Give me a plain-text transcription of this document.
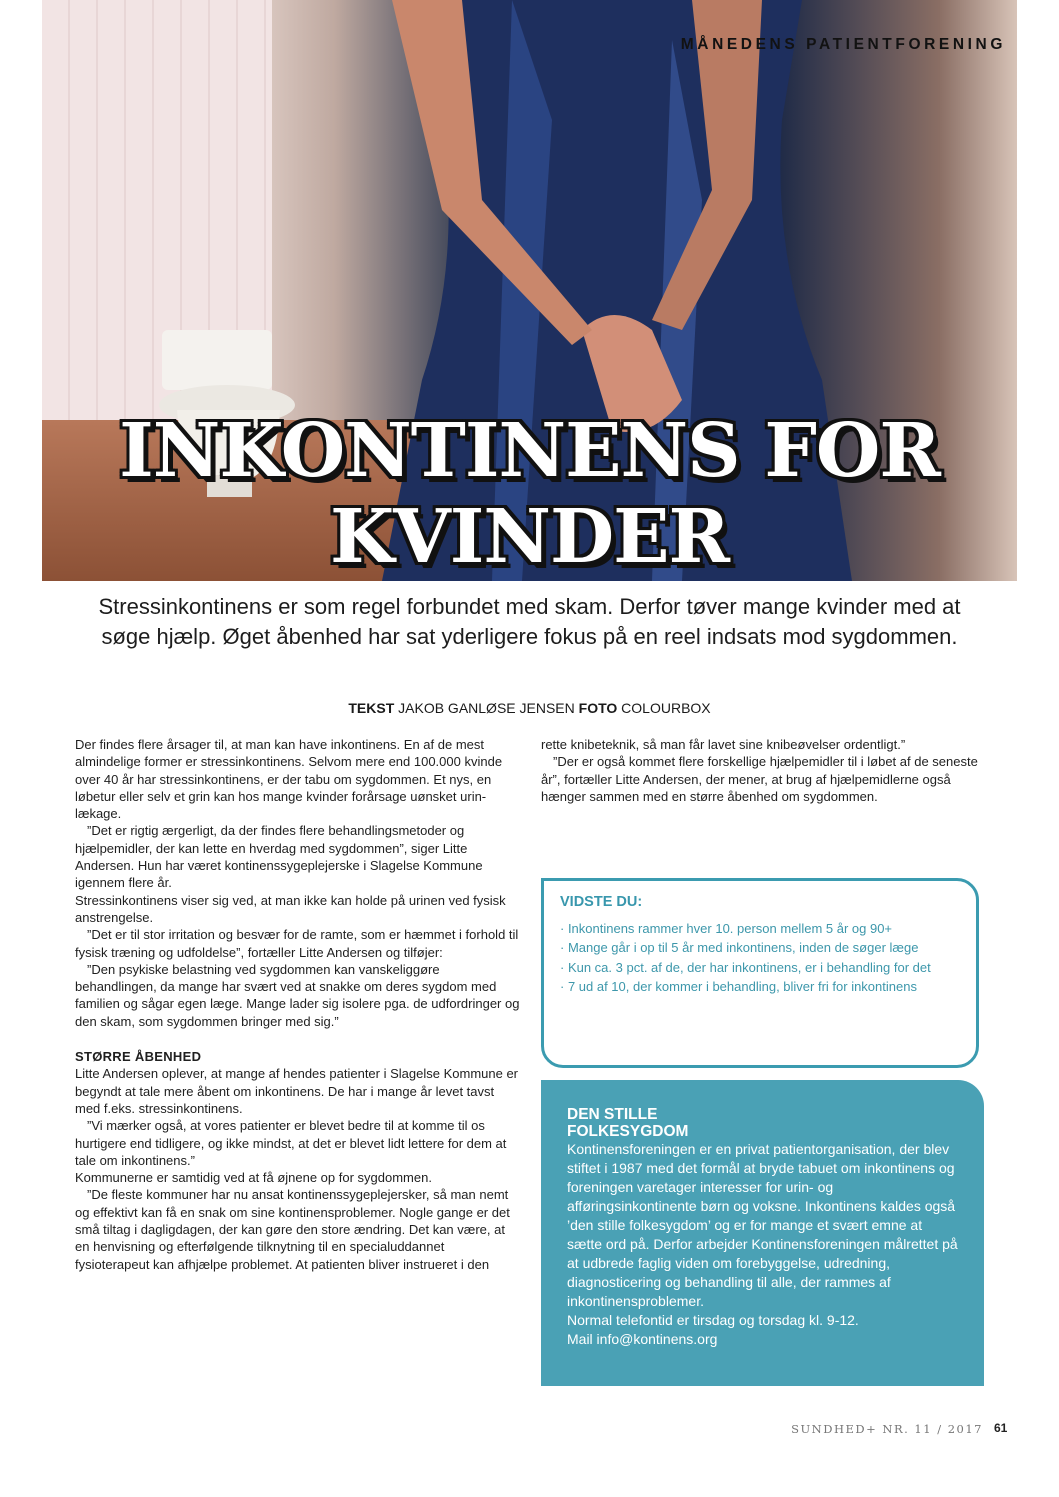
MÅNEDENS PATIENTFORENING
INKONTINENS FOR
KVINDER
Stressinkontinens er som regel forbundet med skam. Derfor tøver mange kvinder med at søge hjælp. Øget åbenhed har sat yderligere fokus på en reel indsats mod sygdommen.
TEKST JAKOB GANLØSE JENSEN FOTO COLOURBOX

Der findes flere årsager til, at man kan have inkontinens. En af de mest almindelige former er stressinkontinens. Selvom mere end 100.000 kvinde over 40 år har stressinkontinens, er der tabu om sygdommen. Et nys, en løbetur eller selv et grin kan hos mange kvinder forårsage uønsket urin-lækage.

”Det er rigtig ærgerligt, da der findes flere behandlingsmetoder og hjælpemidler, der kan lette en hverdag med sygdommen”, siger Litte Andersen. Hun har været kontinenssygeplejerske i Slagelse Kommune igennem flere år.

Stressinkontinens viser sig ved, at man ikke kan holde på urinen ved fysisk anstrengelse.

”Det er til stor irritation og besvær for de ramte, som er hæmmet i forhold til fysisk træning og udfoldelse”, fortæller Litte Andersen og tilføjer:

”Den psykiske belastning ved sygdommen kan vanskeliggøre behandlingen, da mange har svært ved at snakke om deres sygdom med familien og sågar egen læge. Mange lader sig isolere pga. de udfordringer og den skam, som sygdommen bringer med sig.”

STØRRE ÅBENHED

Litte Andersen oplever, at mange af hendes patienter i Slagelse Kommune er begyndt at tale mere åbent om inkontinens. De har i mange år levet tavst med f.eks. stressinkontinens.

”Vi mærker også, at vores patienter er blevet bedre til at komme til os hurtigere end tidligere, og ikke mindst, at det er blevet lidt lettere for dem at tale om inkontinens.”

Kommunerne er samtidig ved at få øjnene op for sygdommen.

”De fleste kommuner har nu ansat kontinenssygeplejersker, så man nemt og effektivt kan få en snak om sine kontinensproblemer. Nogle gange er det små tiltag i dagligdagen, der kan gøre den store ændring. Det kan være, at en henvisning og efterfølgende tilknytning til en specialuddannet fysioterapeut kan afhjælpe problemet. At patienten bliver instrueret i den

rette knibeteknik, så man får lavet sine knibeøvelser ordentligt.”

”Der er også kommet flere forskellige hjælpemidler til i løbet af de seneste år”, fortæller Litte Andersen, der mener, at brug af hjælpemidlerne også hænger sammen med en større åbenhed om sygdommen.

VIDSTE DU:
· Inkontinens rammer hver 10. person mellem 5 år og 90+
· Mange går i op til 5 år med inkontinens, inden de søger læge
· Kun ca. 3 pct. af de, der har inkontinens, er i behandling for det
· 7 ud af 10, der kommer i behandling, bliver fri for inkontinens
DEN STILLE FOLKESYGDOM
Kontinensforeningen er en privat patientorganisation, der blev stiftet i 1987 med det formål at bryde tabuet om inkontinens og foreningen varetager interesser for urin- og afføringsinkontinente børn og voksne. Inkontinens kaldes også ’den stille folkesygdom’ og er for mange et svært emne at sætte ord på. Derfor arbejder Kontinensforeningen målrettet på at udbrede faglig viden om forebyggelse, udredning, diagnosticering og behandling til alle, der rammes af inkontinensproblemer.
Normal telefontid er tirsdag og torsdag kl. 9-12.
Mail info@kontinens.org
SUNDHED+ NR. 11 / 2017 61
